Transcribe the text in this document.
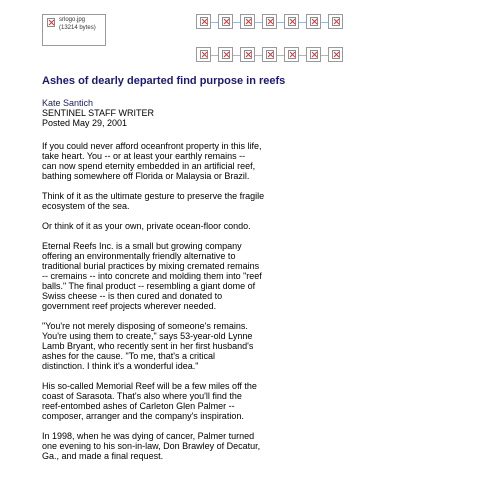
srlogo.jpg
(13214 bytes)
Ashes of dearly departed find purpose in reefs
Kate Santich
SENTINEL STAFF WRITER
Posted May 29, 2001
If you could never afford oceanfront property in this life,
take heart. You -- or at least your earthly remains --
can now spend eternity embedded in an artificial reef,
bathing somewhere off Florida or Malaysia or Brazil.
Think of it as the ultimate gesture to preserve the fragile
ecosystem of the sea.
Or think of it as your own, private ocean-floor condo.
Eternal Reefs Inc. is a small but growing company
offering an environmentally friendly alternative to
traditional burial practices by mixing cremated remains
-- cremains -- into concrete and molding them into "reef
balls." The final product -- resembling a giant dome of
Swiss cheese -- is then cured and donated to
government reef projects wherever needed.
"You're not merely disposing of someone's remains.
You're using them to create," says 53-year-old Lynne
Lamb Bryant, who recently sent in her first husband's
ashes for the cause. "To me, that's a critical
distinction. I think it's a wonderful idea."
His so-called Memorial Reef will be a few miles off the
coast of Sarasota. That's also where you'll find the
reef-entombed ashes of Carleton Glen Palmer --
composer, arranger and the company's inspiration.
In 1998, when he was dying of cancer, Palmer turned
one evening to his son-in-law, Don Brawley of Decatur,
Ga., and made a final request.
